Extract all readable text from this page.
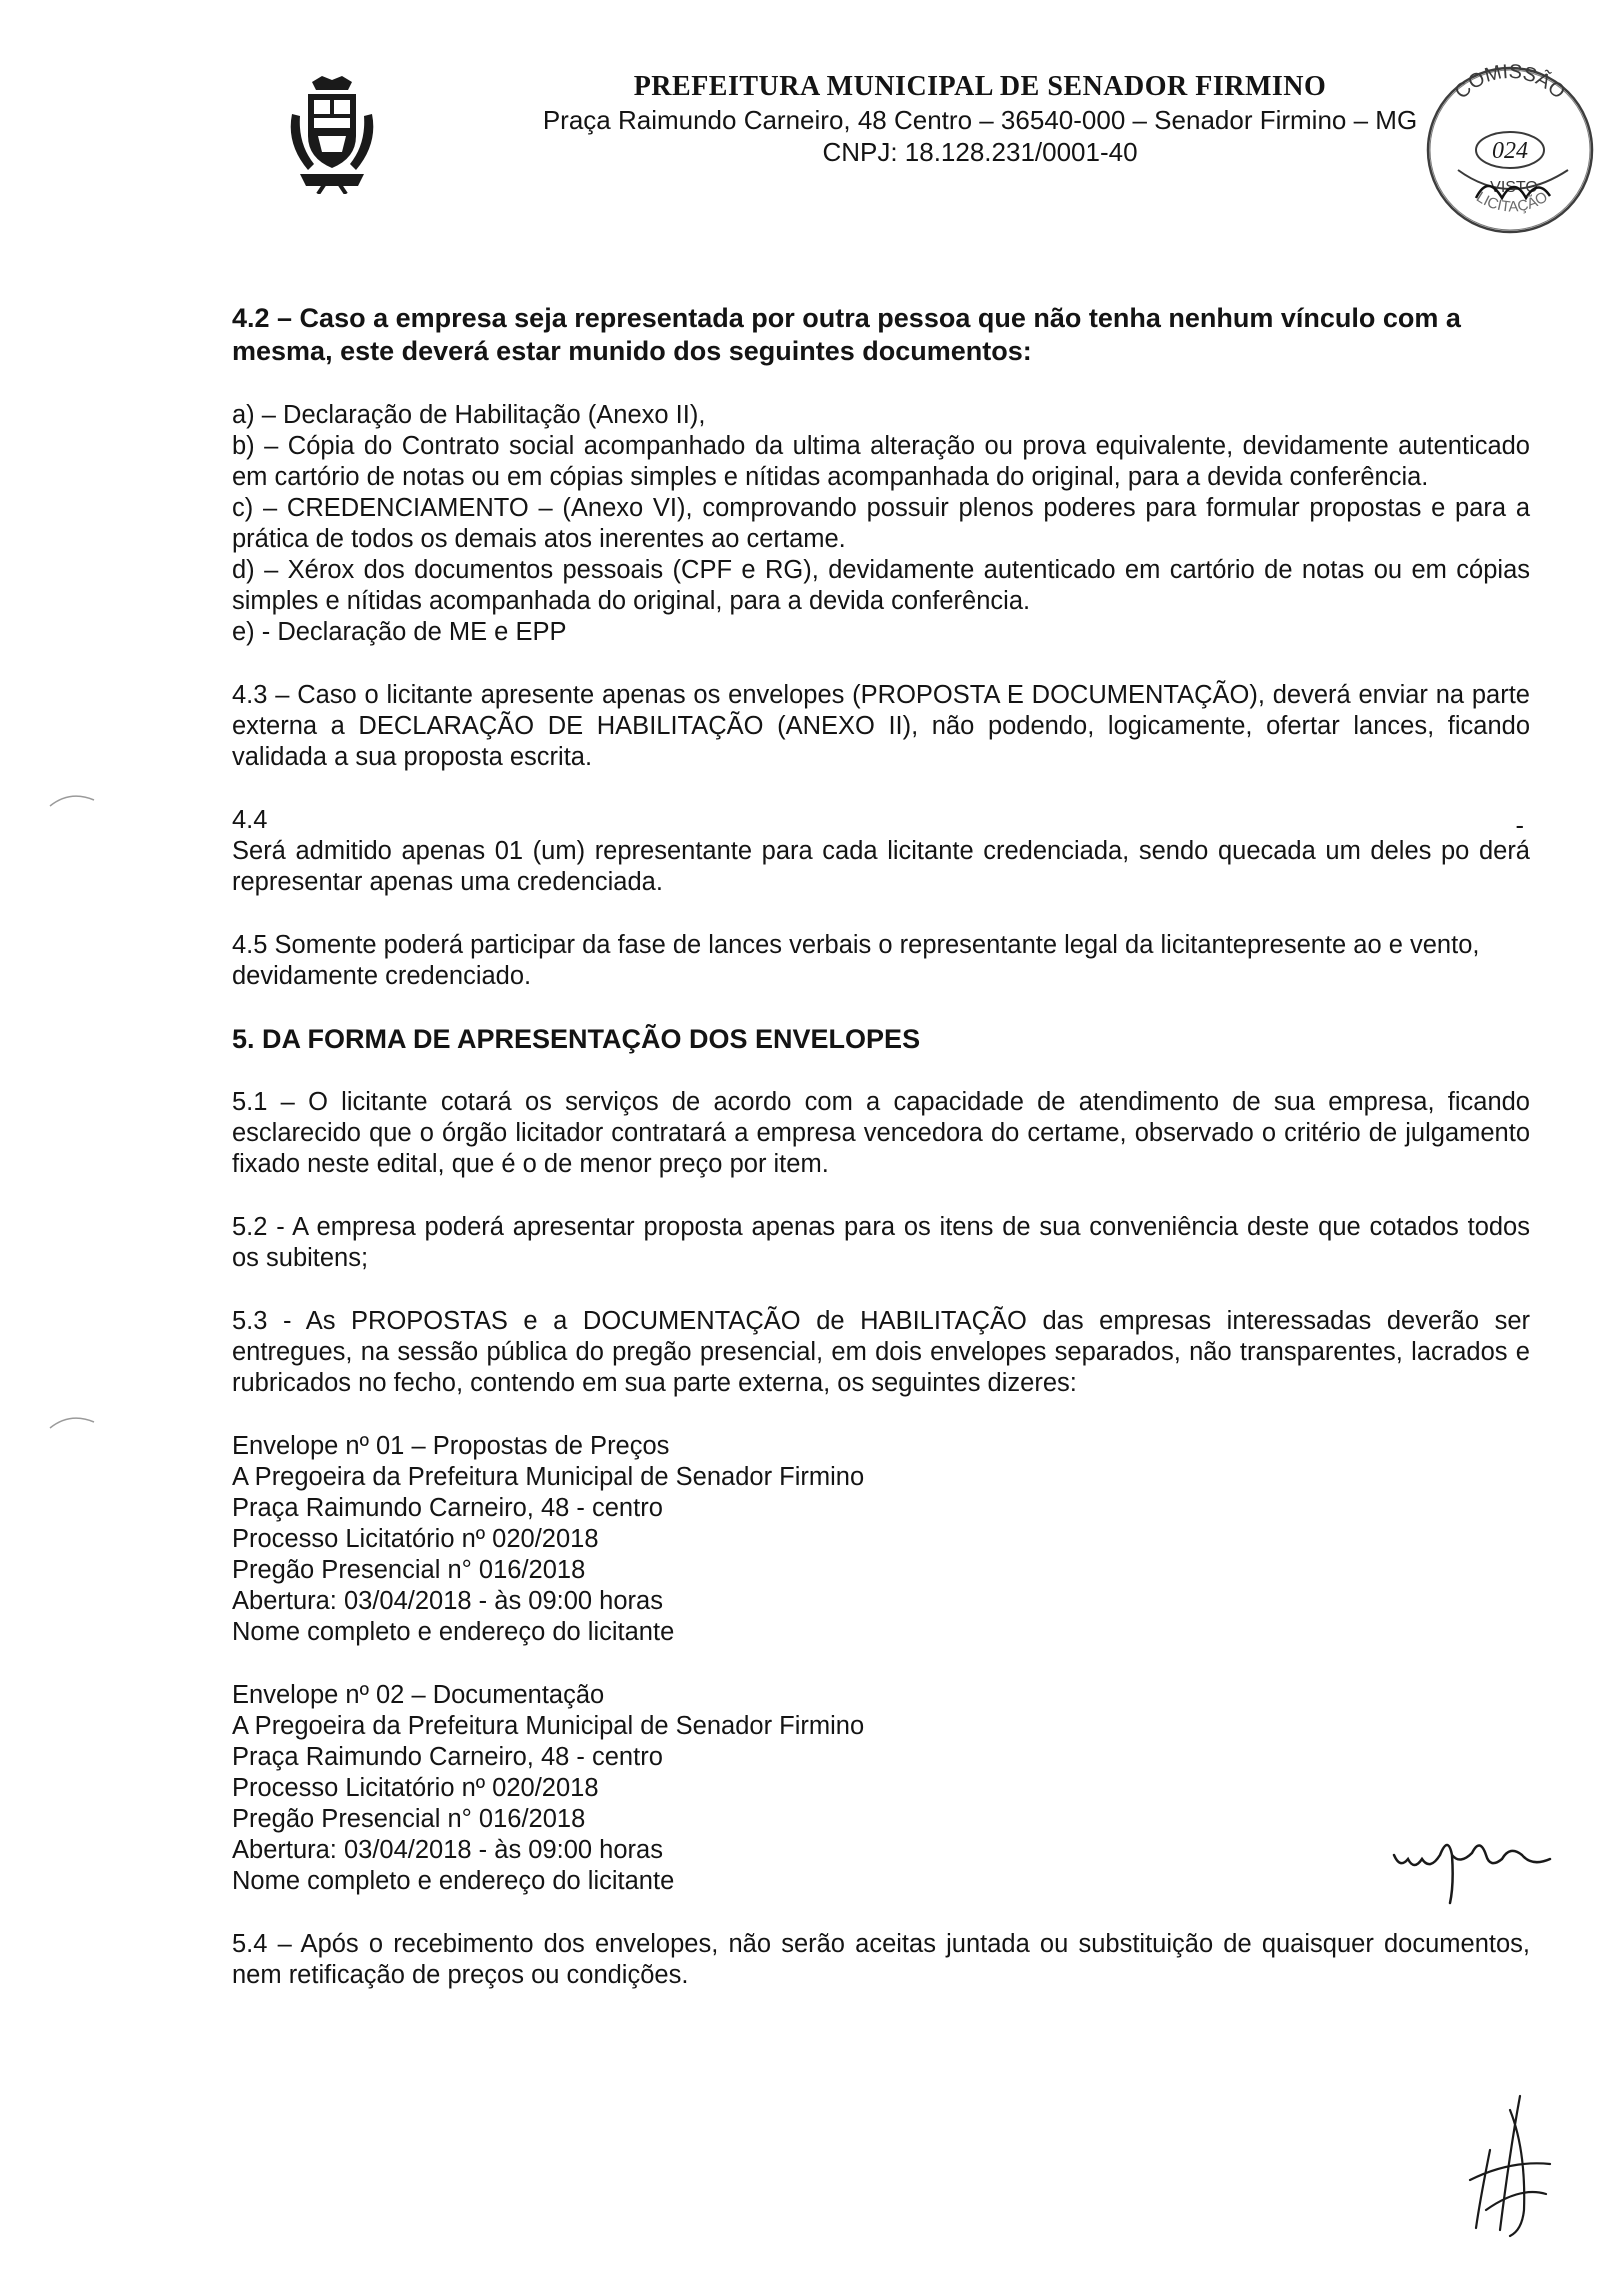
PREFEITURA MUNICIPAL DE SENADOR FIRMINO
Praça Raimundo Carneiro, 48 Centro – 36540-000 – Senador Firmino – MG
CNPJ: 18.128.231/0001-40
COMISSÃO
024
VISTO
LICITAÇÃO

4.2 – Caso a empresa seja representada por outra pessoa que não tenha nenhum vínculo com a mesma, este deverá estar munido dos seguintes documentos:

a) – Declaração de Habilitação (Anexo II),

b) – Cópia do Contrato social acompanhado da ultima alteração ou prova equivalente, devidamente autenticado em cartório de notas ou em cópias simples e nítidas acompanhada do original, para a devida conferência.

c) – CREDENCIAMENTO – (Anexo VI), comprovando possuir plenos poderes para formular propostas e para a prática de todos os demais atos inerentes ao certame.

d) – Xérox dos documentos pessoais (CPF e RG), devidamente autenticado em cartório de notas ou em cópias simples e nítidas acompanhada do original, para a devida conferência.

e) - Declaração de ME e EPP

4.3 – Caso o licitante apresente apenas os envelopes (PROPOSTA E DOCUMENTAÇÃO), deverá enviar na parte externa a DECLARAÇÃO DE HABILITAÇÃO (ANEXO II), não podendo, logicamente, ofertar lances, ficando validada a sua proposta escrita.

4.4	-

Será admitido apenas 01 (um) representante para cada licitante credenciada, sendo quecada um deles po derá representar apenas uma credenciada.

4.5 Somente poderá participar da fase de lances verbais o representante legal da licitantepresente ao e vento,

devidamente credenciado.

5. DA FORMA DE APRESENTAÇÃO DOS ENVELOPES

5.1 – O licitante cotará os serviços de acordo com a capacidade de atendimento de sua empresa, ficando esclarecido que o órgão licitador contratará a empresa vencedora do certame, observado o critério de julgamento fixado neste edital, que é o de menor preço por item.

5.2 - A empresa poderá apresentar proposta apenas para os itens de sua conveniência deste que cotados todos os subitens;

5.3 - As PROPOSTAS e a DOCUMENTAÇÃO de HABILITAÇÃO das empresas interessadas deverão ser entregues, na sessão pública do pregão presencial, em dois envelopes separados, não transparentes, lacrados e rubricados no fecho, contendo em sua parte externa, os seguintes dizeres:

Envelope nº 01 – Propostas de Preços
A Pregoeira da Prefeitura Municipal de Senador Firmino
Praça Raimundo Carneiro, 48 - centro
Processo Licitatório nº 020/2018
Pregão Presencial n° 016/2018
Abertura: 03/04/2018 - às 09:00 horas
Nome completo e endereço do licitante
Envelope nº 02 – Documentação
A Pregoeira da Prefeitura Municipal de Senador Firmino
Praça Raimundo Carneiro, 48 - centro
Processo Licitatório nº 020/2018
Pregão Presencial n° 016/2018
Abertura: 03/04/2018 - às 09:00 horas
Nome completo e endereço do licitante

5.4 – Após o recebimento dos envelopes, não serão aceitas juntada ou substituição de quaisquer documentos, nem retificação de preços ou condições.
